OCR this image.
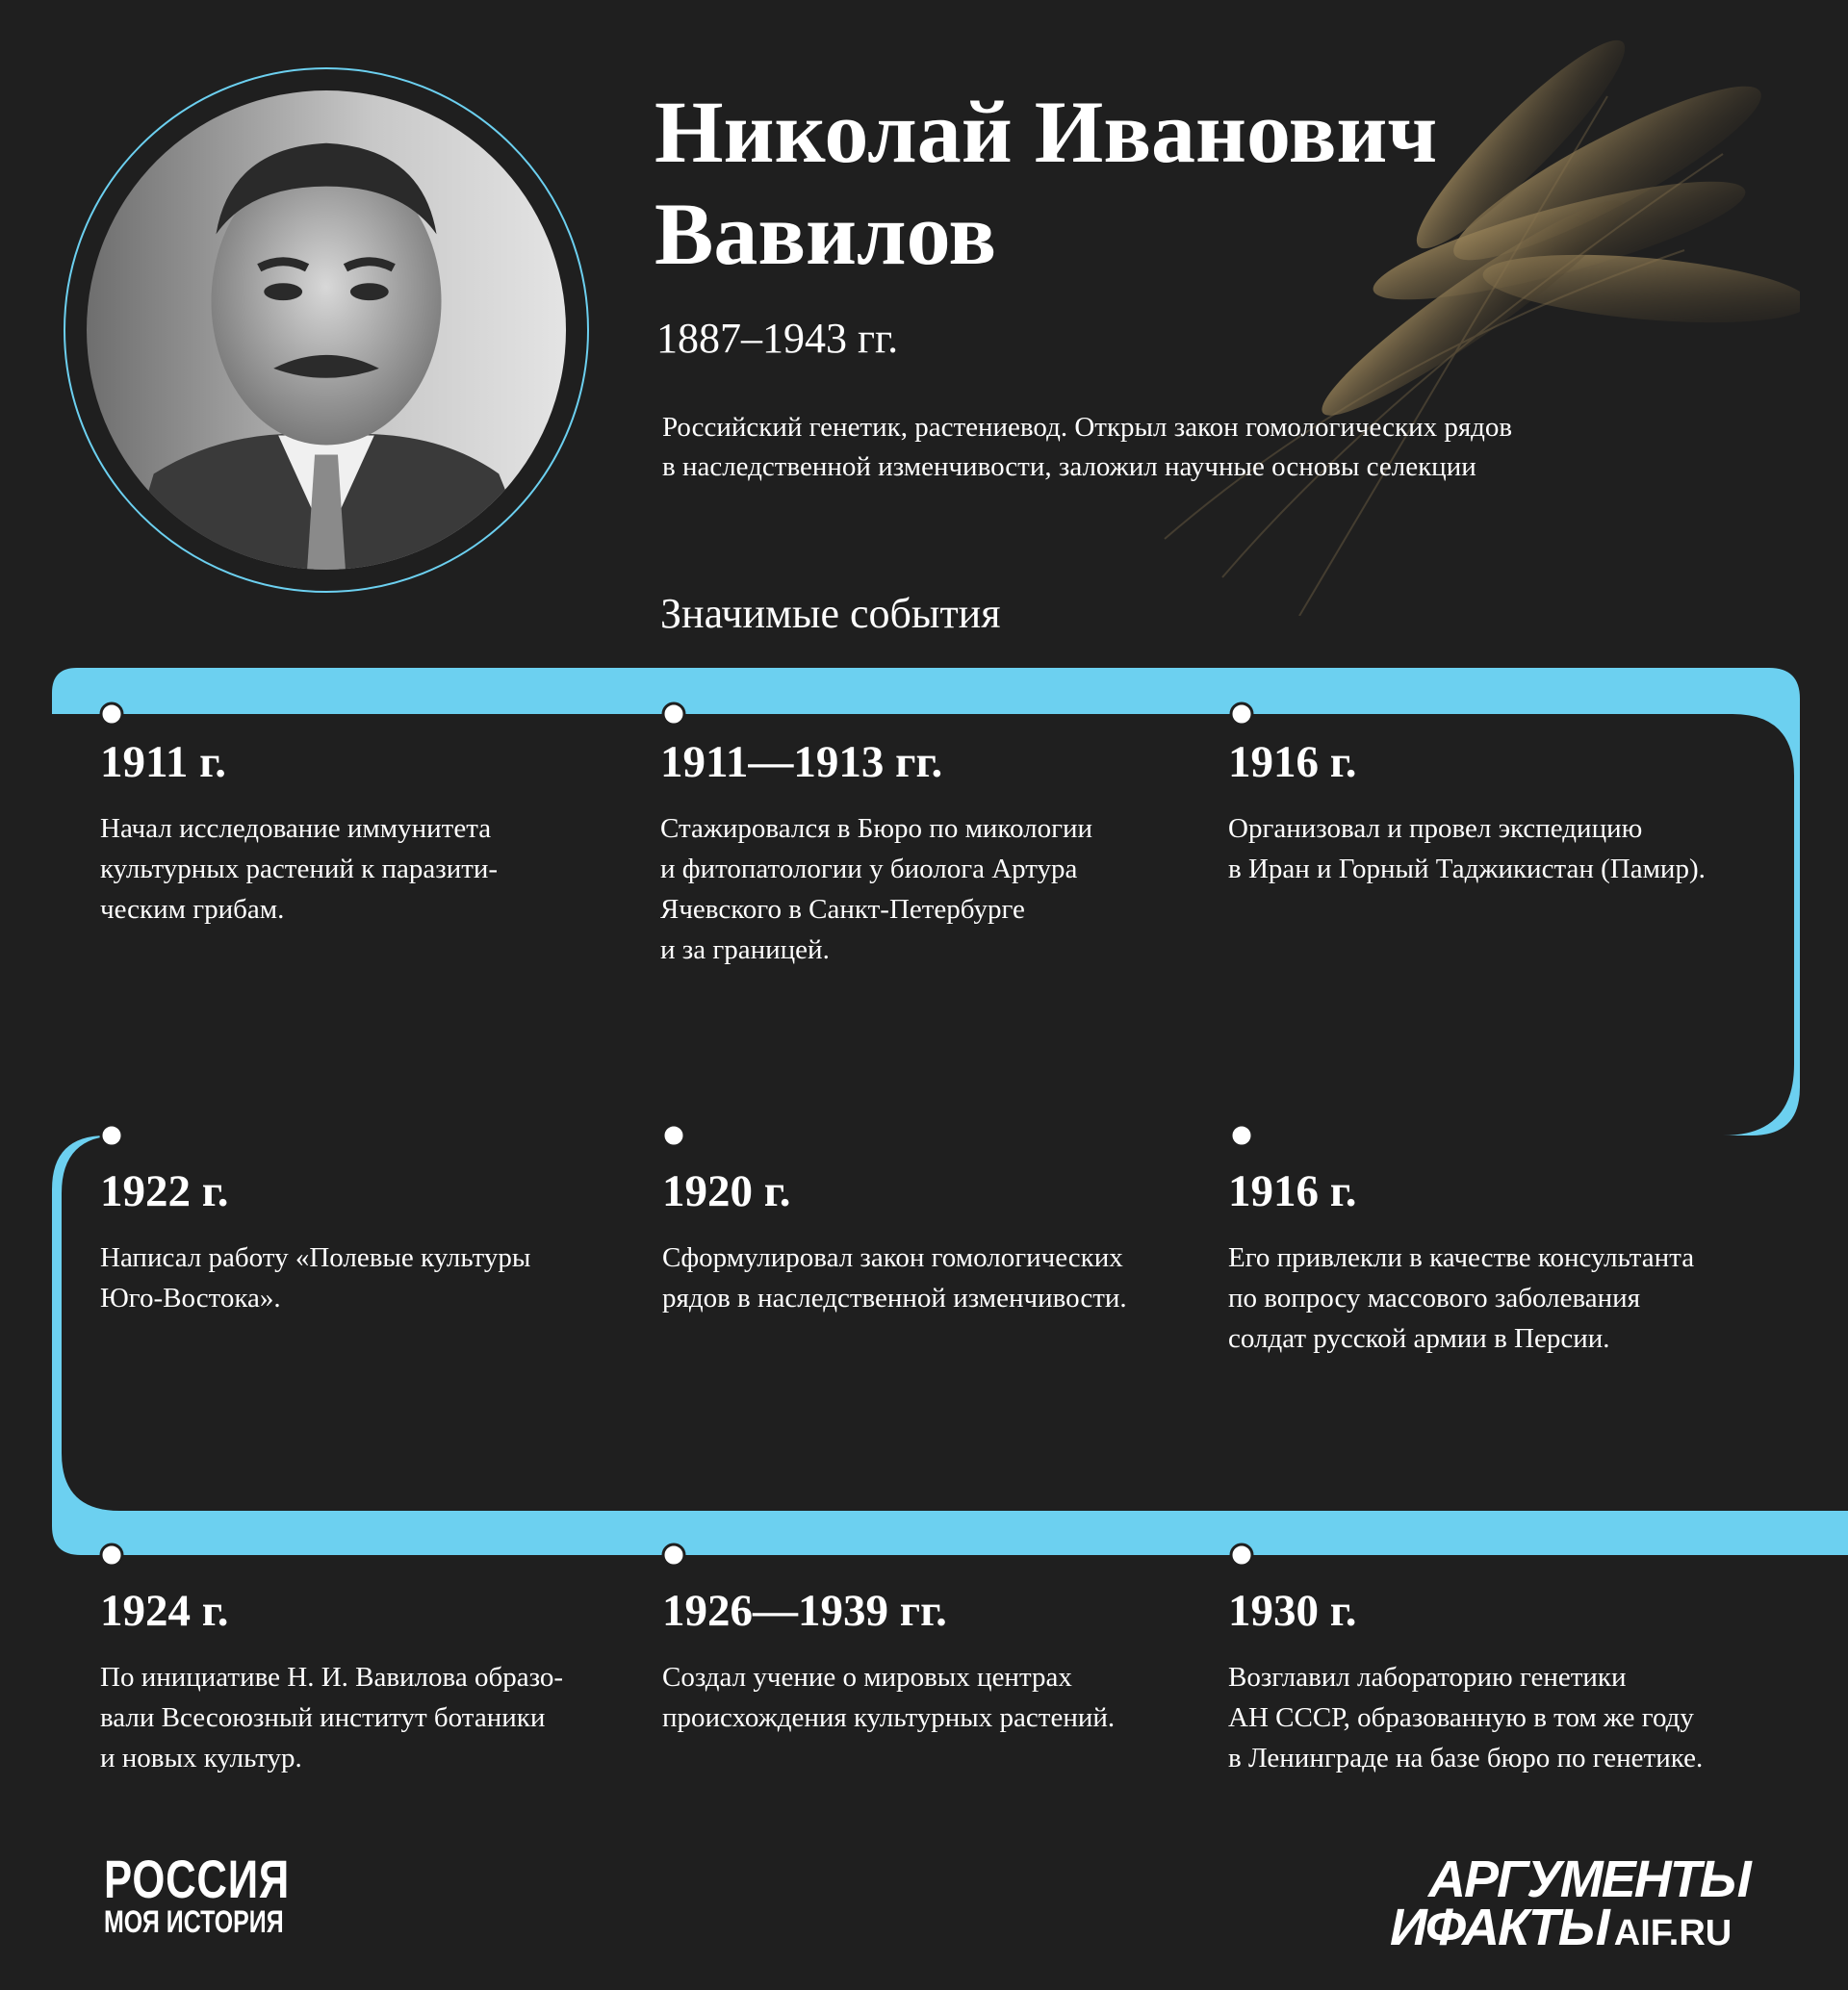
Николай Иванович
Вавилов
1887–1943 гг.
Российский генетик, растениевод. Открыл закон гомологических рядов
в наследственной изменчивости, заложил научные основы селекции
Значимые события
1911 г.
Начал исследование иммунитета
культурных растений к паразити-
ческим грибам.
1911—1913 гг.
Стажировался в Бюро по микологии
и фитопатологии у биолога Артура
Ячевского в Санкт-Петербурге
и за границей.
1916 г.
Организовал и провел экспедицию
в Иран и Горный Таджикистан (Памир).
1922 г.
Написал работу «Полевые культуры
Юго-Востока».
1920 г.
Сформулировал закон гомологических
рядов в наследственной изменчивости.
1916 г.
Его привлекли в качестве консультанта
по вопросу массового заболевания
солдат русской армии в Персии.
1924 г.
По инициативе Н. И. Вавилова образо-
вали Всесоюзный институт ботаники
и новых культур.
1926—1939 гг.
Создал учение о мировых центрах
происхождения культурных растений.
1930 г.
Возглавил лабораторию генетики
АН СССР, образованную в том же году
в Ленинграде на базе бюро по генетике.
РОССИЯ
МОЯ ИСТОРИЯ
АРГУМЕНТЫ
ИФАКТЫ AIF.RU
